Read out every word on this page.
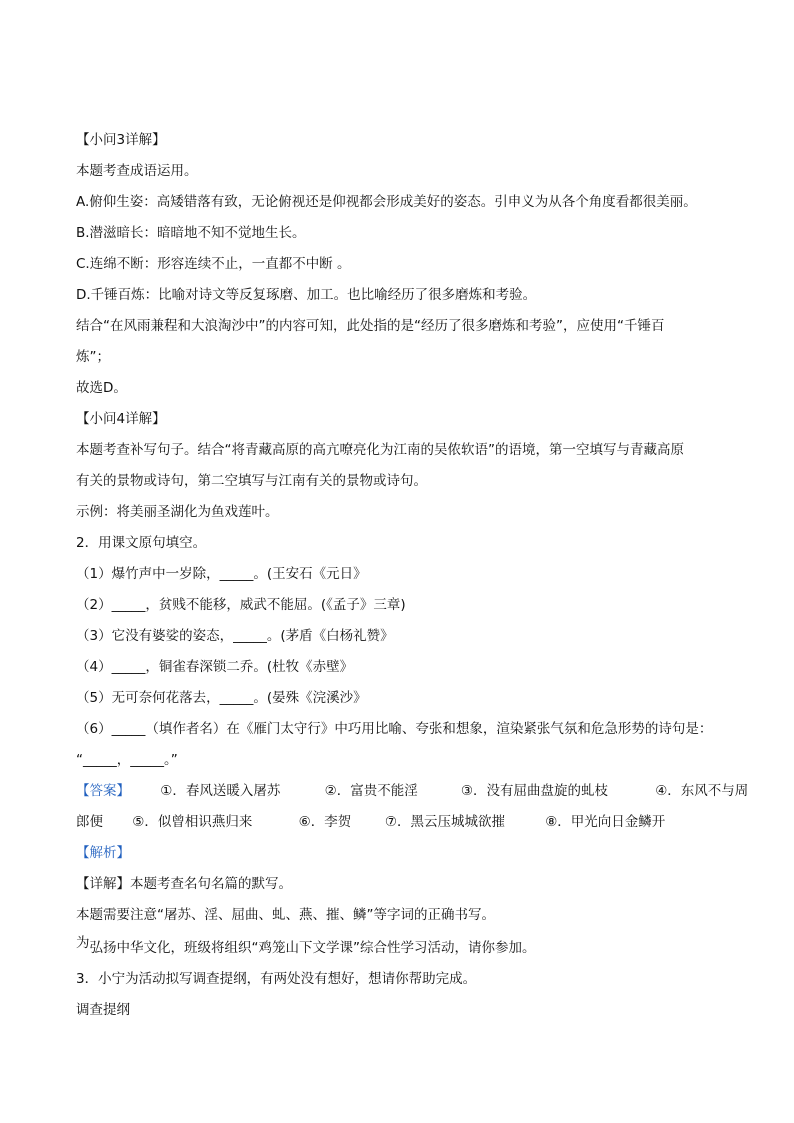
【小问3详解】
本题考查成语运用。
A.俯仰生姿：高矮错落有致，无论俯视还是仰视都会形成美好的姿态。引申义为从各个角度看都很美丽。
B.潜滋暗长：暗暗地不知不觉地生长。
C.连绵不断：形容连续不止，一直都不中断 。
D.千锤百炼：比喻对诗文等反复琢磨、加工。也比喻经历了很多磨炼和考验。
结合“在风雨兼程和大浪淘沙中”的内容可知，此处指的是“经历了很多磨炼和考验”，应使用“千锤百
炼”；
故选D。
【小问4详解】
本题考查补写句子。结合“将青藏高原的高亢嘹亮化为江南的吴侬软语”的语境，第一空填写与青藏高原
有关的景物或诗句，第二空填写与江南有关的景物或诗句。
示例：将美丽圣湖化为鱼戏莲叶。
2．用课文原句填空。
（1）爆竹声中一岁除，_____。(王安石《元日》
（2）_____，贫贱不能移，威武不能屈。(《孟子》三章)
（3）它没有婆娑的姿态，_____。(茅盾《白杨礼赞》
（4）_____，铜雀春深锁二乔。(杜牧《赤壁》
（5）无可奈何花落去，_____。(晏殊《浣溪沙》
（6）_____（填作者名）在《雁门太守行》中巧用比喻、夸张和想象，渲染紧张气氛和危急形势的诗句是：
“_____，_____。”
【答案】 ①．春风送暖入屠苏	②．富贵不能淫	③．没有屈曲盘旋的虬枝	④．东风不与周
郎便 ⑤．似曾相识燕归来	⑥．李贺 ⑦．黑云压城城欲摧	⑧．甲光向日金鳞开
【解析】
【详解】本题考查名句名篇的默写。
本题需要注意“屠苏、淫、屈曲、虬、燕、摧、鳞”等字词的正确书写。
为弘扬中华文化，班级将组织“鸡笼山下文学课”综合性学习活动，请你参加。
3．小宁为活动拟写调查提纲，有两处没有想好，想请你帮助完成。
调查提纲
